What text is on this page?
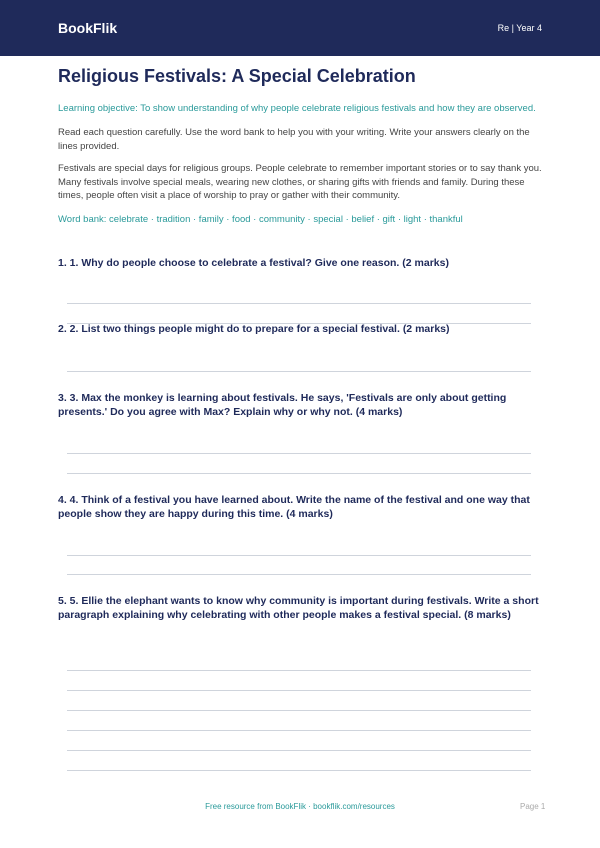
BookFlik	Re | Year 4
Religious Festivals: A Special Celebration
Learning objective: To show understanding of why people celebrate religious festivals and how they are observed.
Read each question carefully. Use the word bank to help you with your writing. Write your answers clearly on the lines provided.
Festivals are special days for religious groups. People celebrate to remember important stories or to say thank you. Many festivals involve special meals, wearing new clothes, or sharing gifts with friends and family. During these times, people often visit a place of worship to pray or gather with their community.
Word bank: celebrate · tradition · family · food · community · special · belief · gift · light · thankful
1. 1. Why do people choose to celebrate a festival? Give one reason. (2 marks)
2. 2. List two things people might do to prepare for a special festival. (2 marks)
3. 3. Max the monkey is learning about festivals. He says, 'Festivals are only about getting presents.' Do you agree with Max? Explain why or why not. (4 marks)
4. 4. Think of a festival you have learned about. Write the name of the festival and one way that people show they are happy during this time. (4 marks)
5. 5. Ellie the elephant wants to know why community is important during festivals. Write a short paragraph explaining why celebrating with other people makes a festival special. (8 marks)
Free resource from BookFlik · bookflik.com/resources	Page 1
